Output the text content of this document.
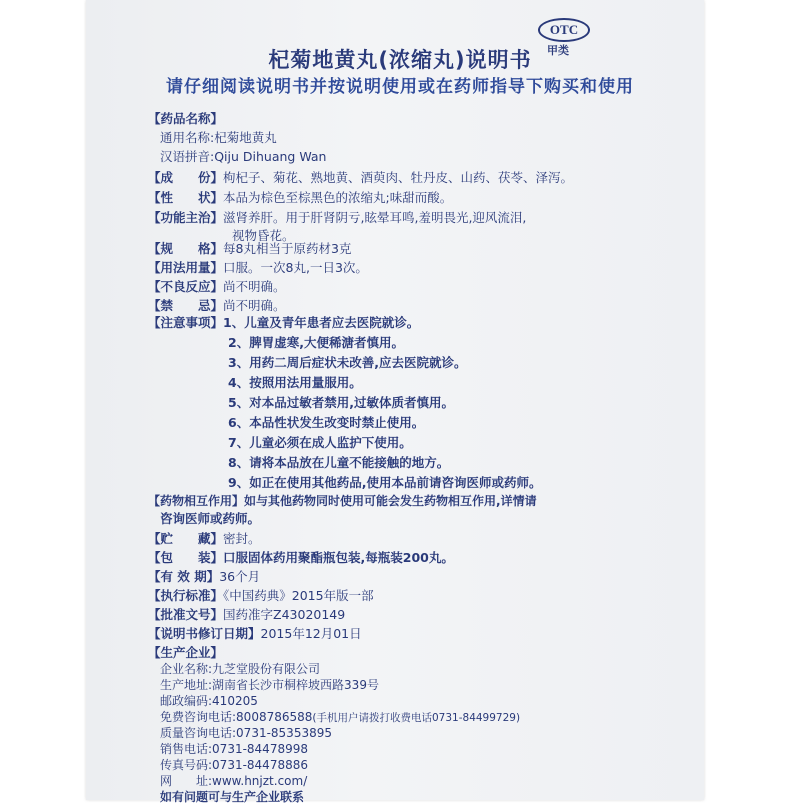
OTC
甲类
杞菊地黄丸(浓缩丸)说明书
请仔细阅读说明书并按说明使用或在药师指导下购买和使用
【药品名称】
通用名称:杞菊地黄丸
汉语拼音:Qiju Dihuang Wan
【成　　份】枸杞子、菊花、熟地黄、酒萸肉、牡丹皮、山药、茯苓、泽泻。
【性　　状】本品为棕色至棕黑色的浓缩丸;味甜而酸。
【功能主治】滋肾养肝。用于肝肾阴亏,眩晕耳鸣,羞明畏光,迎风流泪,
视物昏花。
【规　　格】每8丸相当于原药材3克
【用法用量】口服。一次8丸,一日3次。
【不良反应】尚不明确。
【禁　　忌】尚不明确。
【注意事项】1、儿童及青年患者应去医院就诊。
2、脾胃虚寒,大便稀溏者慎用。
3、用药二周后症状未改善,应去医院就诊。
4、按照用法用量服用。
5、对本品过敏者禁用,过敏体质者慎用。
6、本品性状发生改变时禁止使用。
7、儿童必须在成人监护下使用。
8、请将本品放在儿童不能接触的地方。
9、如正在使用其他药品,使用本品前请咨询医师或药师。
【药物相互作用】如与其他药物同时使用可能会发生药物相互作用,详情请
咨询医师或药师。
【贮　　藏】密封。
【包　　装】口服固体药用聚酯瓶包装,每瓶装200丸。
【有 效 期】36个月
【执行标准】《中国药典》2015年版一部
【批准文号】国药准字Z43020149
【说明书修订日期】2015年12月01日
【生产企业】
企业名称:九芝堂股份有限公司
生产地址:湖南省长沙市桐梓坡西路339号
邮政编码:410205
免费咨询电话:8008786588(手机用户请拨打收费电话0731-84499729)
质量咨询电话:0731-85353895
销售电话:0731-84478998
传真号码:0731-84478886
网　　址:www.hnjzt.com/
如有问题可与生产企业联系
